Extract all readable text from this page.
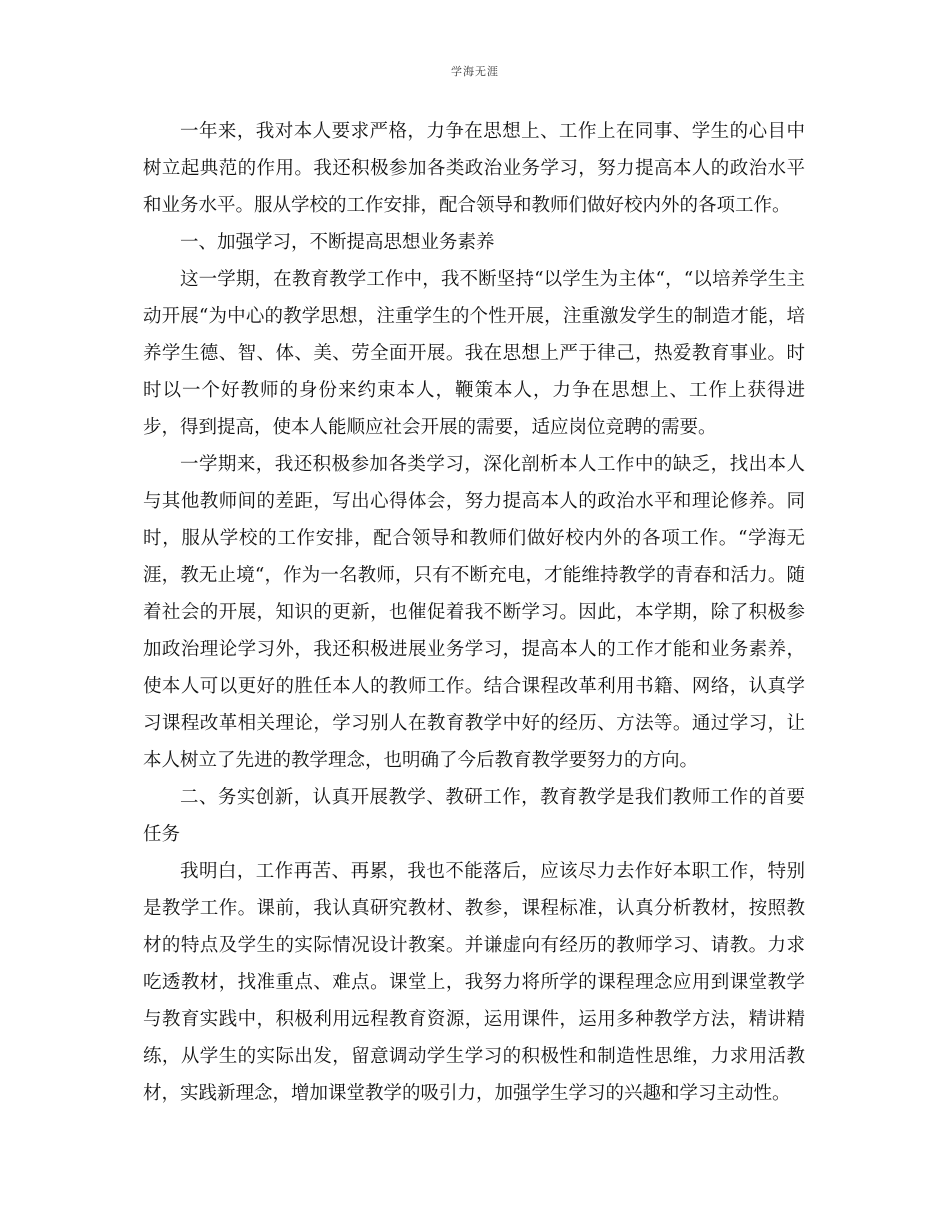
学海无涯

一年来，我对本人要求严格，力争在思想上、工作上在同事、学生的心目中树立起典范的作用。我还积极参加各类政治业务学习，努力提高本人的政治水平和业务水平。服从学校的工作安排，配合领导和教师们做好校内外的各项工作。

一、加强学习，不断提高思想业务素养

这一学期，在教育教学工作中，我不断坚持“以学生为主体“，“以培养学生主动开展“为中心的教学思想，注重学生的个性开展，注重激发学生的制造才能，培养学生德、智、体、美、劳全面开展。我在思想上严于律己，热爱教育事业。时时以一个好教师的身份来约束本人，鞭策本人，力争在思想上、工作上获得进步，得到提高，使本人能顺应社会开展的需要，适应岗位竞聘的需要。

一学期来，我还积极参加各类学习，深化剖析本人工作中的缺乏，找出本人与其他教师间的差距，写出心得体会，努力提高本人的政治水平和理论修养。同时，服从学校的工作安排，配合领导和教师们做好校内外的各项工作。“学海无涯，教无止境“，作为一名教师，只有不断充电，才能维持教学的青春和活力。随着社会的开展，知识的更新，也催促着我不断学习。因此，本学期，除了积极参加政治理论学习外，我还积极进展业务学习，提高本人的工作才能和业务素养，使本人可以更好的胜任本人的教师工作。结合课程改革利用书籍、网络，认真学习课程改革相关理论，学习别人在教育教学中好的经历、方法等。通过学习，让本人树立了先进的教学理念，也明确了今后教育教学要努力的方向。

二、务实创新，认真开展教学、教研工作，教育教学是我们教师工作的首要任务

我明白，工作再苦、再累，我也不能落后，应该尽力去作好本职工作，特别是教学工作。课前，我认真研究教材、教参，课程标准，认真分析教材，按照教材的特点及学生的实际情况设计教案。并谦虚向有经历的教师学习、请教。力求吃透教材，找准重点、难点。课堂上，我努力将所学的课程理念应用到课堂教学与教育实践中，积极利用远程教育资源，运用课件，运用多种教学方法，精讲精练，从学生的实际出发，留意调动学生学习的积极性和制造性思维，力求用活教材，实践新理念，增加课堂教学的吸引力，加强学生学习的兴趣和学习主动性。
